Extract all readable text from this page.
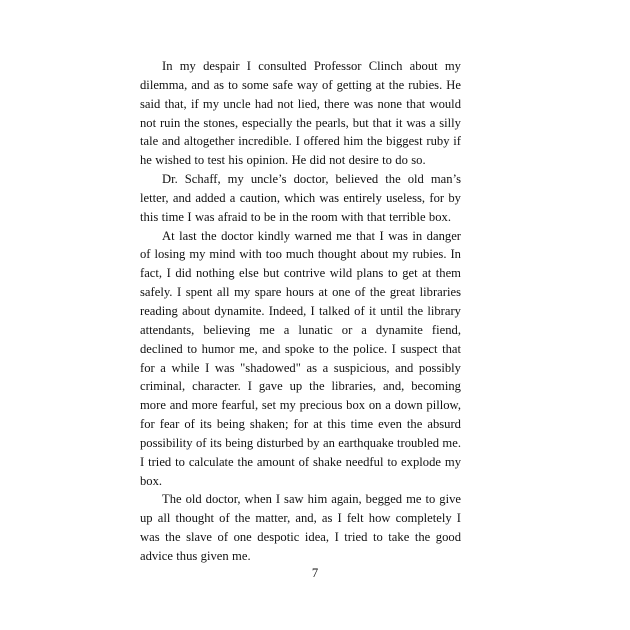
In my despair I consulted Professor Clinch about my dilemma, and as to some safe way of getting at the rubies. He said that, if my uncle had not lied, there was none that would not ruin the stones, especially the pearls, but that it was a silly tale and altogether incredible. I offered him the biggest ruby if he wished to test his opinion. He did not desire to do so.

Dr. Schaff, my uncle’s doctor, believed the old man’s letter, and added a caution, which was entirely useless, for by this time I was afraid to be in the room with that terrible box.

At last the doctor kindly warned me that I was in danger of losing my mind with too much thought about my rubies. In fact, I did nothing else but contrive wild plans to get at them safely. I spent all my spare hours at one of the great libraries reading about dynamite. Indeed, I talked of it until the library attendants, believing me a lunatic or a dynamite fiend, declined to humor me, and spoke to the police. I suspect that for a while I was "shadowed" as a suspicious, and possibly criminal, character. I gave up the libraries, and, becoming more and more fearful, set my precious box on a down pillow, for fear of its being shaken; for at this time even the absurd possibility of its being disturbed by an earthquake troubled me. I tried to calculate the amount of shake needful to explode my box.

The old doctor, when I saw him again, begged me to give up all thought of the matter, and, as I felt how completely I was the slave of one despotic idea, I tried to take the good advice thus given me.

7
